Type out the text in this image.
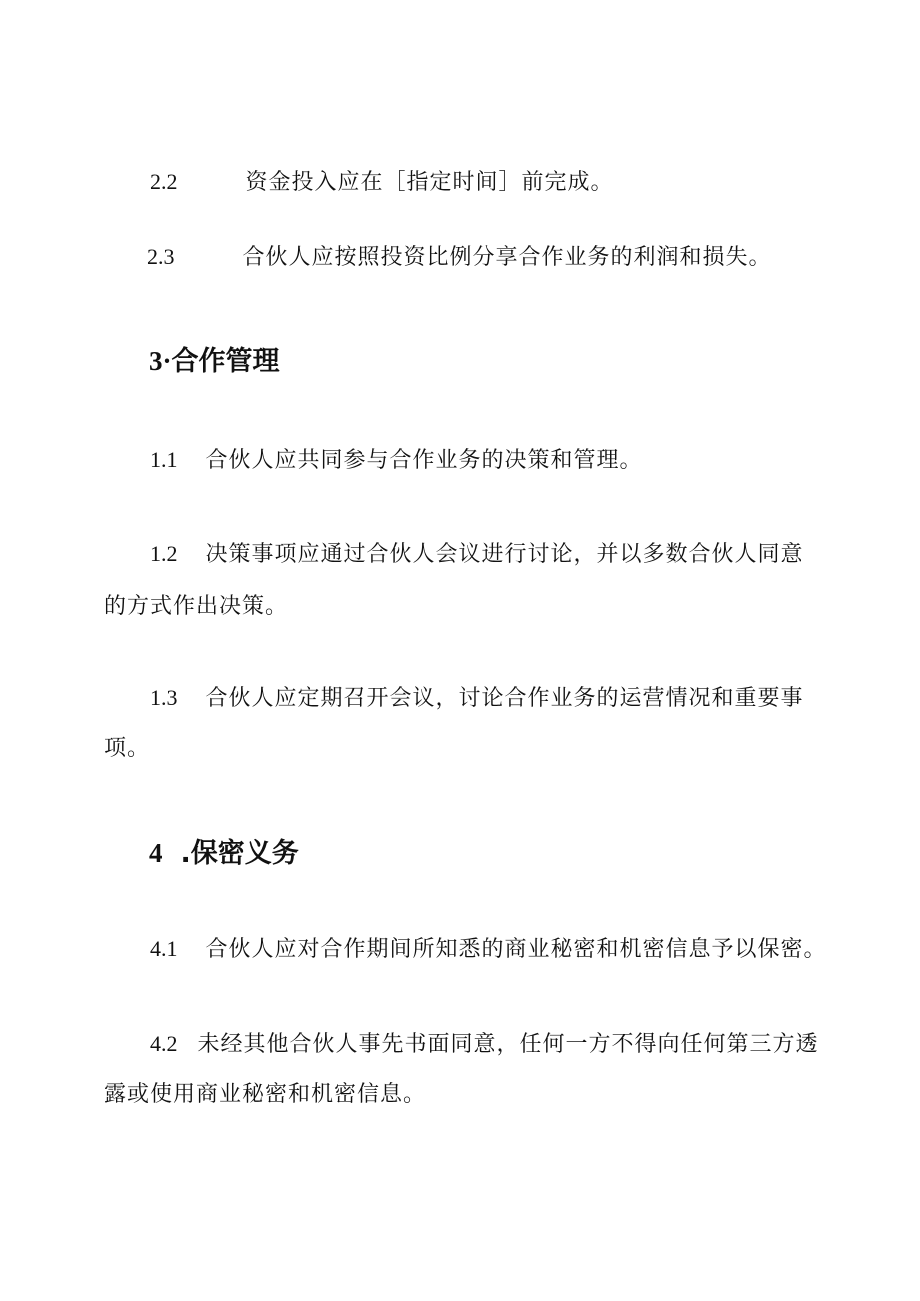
2.2	资金投入应在［指定时间］前完成。
2.3	合伙人应按照投资比例分享合作业务的利润和损失。
3·合作管理
1.1 合伙人应共同参与合作业务的决策和管理。
1.2 决策事项应通过合伙人会议进行讨论，并以多数合伙人同意
的方式作出决策。
1.3 合伙人应定期召开会议，讨论合作业务的运营情况和重要事
项。
4 .保密义务
4.1 合伙人应对合作期间所知悉的商业秘密和机密信息予以保密。
4.2 未经其他合伙人事先书面同意，任何一方不得向任何第三方透
露或使用商业秘密和机密信息。
